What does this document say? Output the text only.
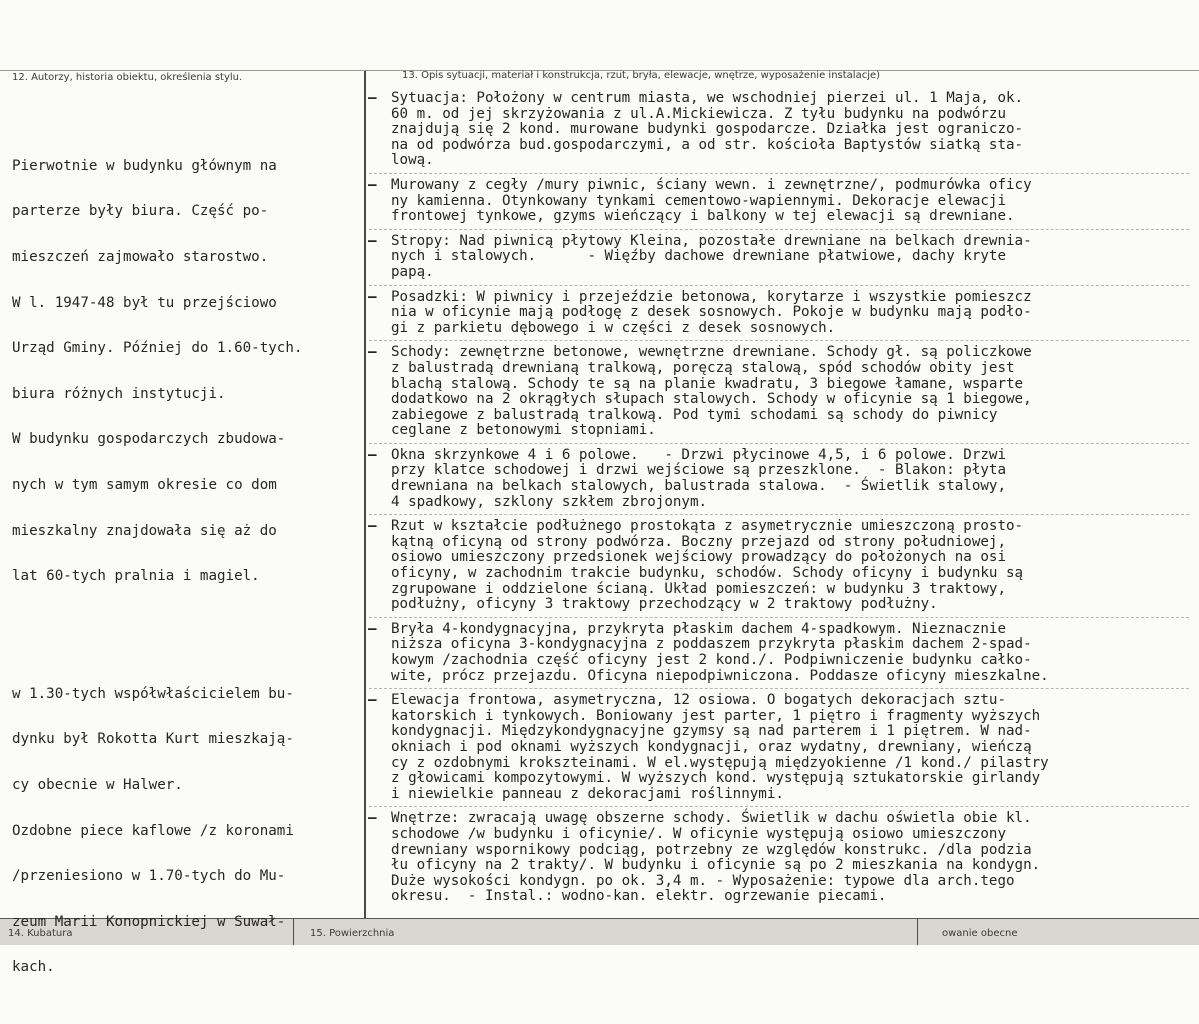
12. Autorzy, historia obiektu, określenia stylu.	13. Opis sytuacji, materiał i konstrukcja, rzut, bryła, elewacje, wnętrze, wyposażenie instalacje)

Pierwotnie w budynku głównym na

parterze były biura. Część po-

mieszczeń zajmowało starostwo.

W l. 1947-48 był tu przejściowo

Urząd Gminy. Później do 1.60-tych.

biura różnych instytucji.

W budynku gospodarczych zbudowa-

nych w tym samym okresie co dom

mieszkalny znajdowała się aż do

lat 60-tych pralnia i magiel.

w 1.30-tych współwłaścicielem bu-

dynku był Rokotta Kurt mieszkają-

cy obecnie w Halwer.

Ozdobne piece kaflowe /z koronami

/przeniesiono w 1.70-tych do Mu-

zeum Marii Konopnickiej w Suwał-

kach.

–	Sytuacja: Położony w centrum miasta, we wschodniej pierzei ul. 1 Maja, ok.
60 m. od jej skrzyżowania z ul.A.Mickiewicza. Z tyłu budynku na podwórzu
znajdują się 2 kond. murowane budynki gospodarcze. Działka jest ograniczo-
na od podwórza bud.gospodarczymi, a od str. kościoła Baptystów siatką sta-
lową.
–	Murowany z cegły /mury piwnic, ściany wewn. i zewnętrzne/, podmurówka oficy
ny kamienna. Otynkowany tynkami cementowo-wapiennymi. Dekoracje elewacji
frontowej tynkowe, gzyms wieńczący i balkony w tej elewacji są drewniane.
–	Stropy: Nad piwnicą płytowy Kleina, pozostałe drewniane na belkach drewnia-
nych i stalowych.      - Więźby dachowe drewniane płatwiowe, dachy kryte
papą.
–	Posadzki: W piwnicy i przejeździe betonowa, korytarze i wszystkie pomieszcz
nia w oficynie mają podłogę z desek sosnowych. Pokoje w budynku mają podło-
gi z parkietu dębowego i w części z desek sosnowych.
–	Schody: zewnętrzne betonowe, wewnętrzne drewniane. Schody gł. są policzkowe
z balustradą drewnianą tralkową, poręczą stalową, spód schodów obity jest
blachą stalową. Schody te są na planie kwadratu, 3 biegowe łamane, wsparte
dodatkowo na 2 okrągłych słupach stalowych. Schody w oficynie są 1 biegowe,
zabiegowe z balustradą tralkową. Pod tymi schodami są schody do piwnicy
ceglane z betonowymi stopniami.
–	Okna skrzynkowe 4 i 6 polowe.   - Drzwi płycinowe 4,5, i 6 polowe. Drzwi
przy klatce schodowej i drzwi wejściowe są przeszklone.  - Blakon: płyta
drewniana na belkach stalowych, balustrada stalowa.  - Świetlik stalowy,
4 spadkowy, szklony szkłem zbrojonym.
–	Rzut w kształcie podłużnego prostokąta z asymetrycznie umieszczoną prosto-
kątną oficyną od strony podwórza. Boczny przejazd od strony południowej,
osiowo umieszczony przedsionek wejściowy prowadzący do położonych na osi
oficyny, w zachodnim trakcie budynku, schodów. Schody oficyny i budynku są
zgrupowane i oddzielone ścianą. Układ pomieszczeń: w budynku 3 traktowy,
podłużny, oficyny 3 traktowy przechodzący w 2 traktowy podłużny.
–	Bryła 4-kondygnacyjna, przykryta płaskim dachem 4-spadkowym. Nieznacznie
niższa oficyna 3-kondygnacyjna z poddaszem przykryta płaskim dachem 2-spad-
kowym /zachodnia część oficyny jest 2 kond./. Podpiwniczenie budynku całko-
wite, prócz przejazdu. Oficyna niepodpiwniczona. Poddasze oficyny mieszkalne.
–	Elewacja frontowa, asymetryczna, 12 osiowa. O bogatych dekoracjach sztu-
katorskich i tynkowych. Boniowany jest parter, 1 piętro i fragmenty wyższych
kondygnacji. Międzykondygnacyjne gzymsy są nad parterem i 1 piętrem. W nad-
okniach i pod oknami wyższych kondygnacji, oraz wydatny, drewniany, wieńczą
cy z ozdobnymi krokszteinami. W el.występują międzyokienne /1 kond./ pilastry
z głowicami kompozytowymi. W wyższych kond. występują sztukatorskie girlandy
i niewielkie panneau z dekoracjami roślinnymi.
–	Wnętrze: zwracają uwagę obszerne schody. Świetlik w dachu oświetla obie kl.
schodowe /w budynku i oficynie/. W oficynie występują osiowo umieszczony
drewniany wspornikowy podciąg, potrzebny ze względów konstrukc. /dla podzia
łu oficyny na 2 trakty/. W budynku i oficynie są po 2 mieszkania na kondygn.
Duże wysokości kondygn. po ok. 3,4 m. - Wyposażenie: typowe dla arch.tego
okresu.  - Instal.: wodno-kan. elektr. ogrzewanie piecami.
14. Kubatura	15. Powierzchnia	owanie obecne
